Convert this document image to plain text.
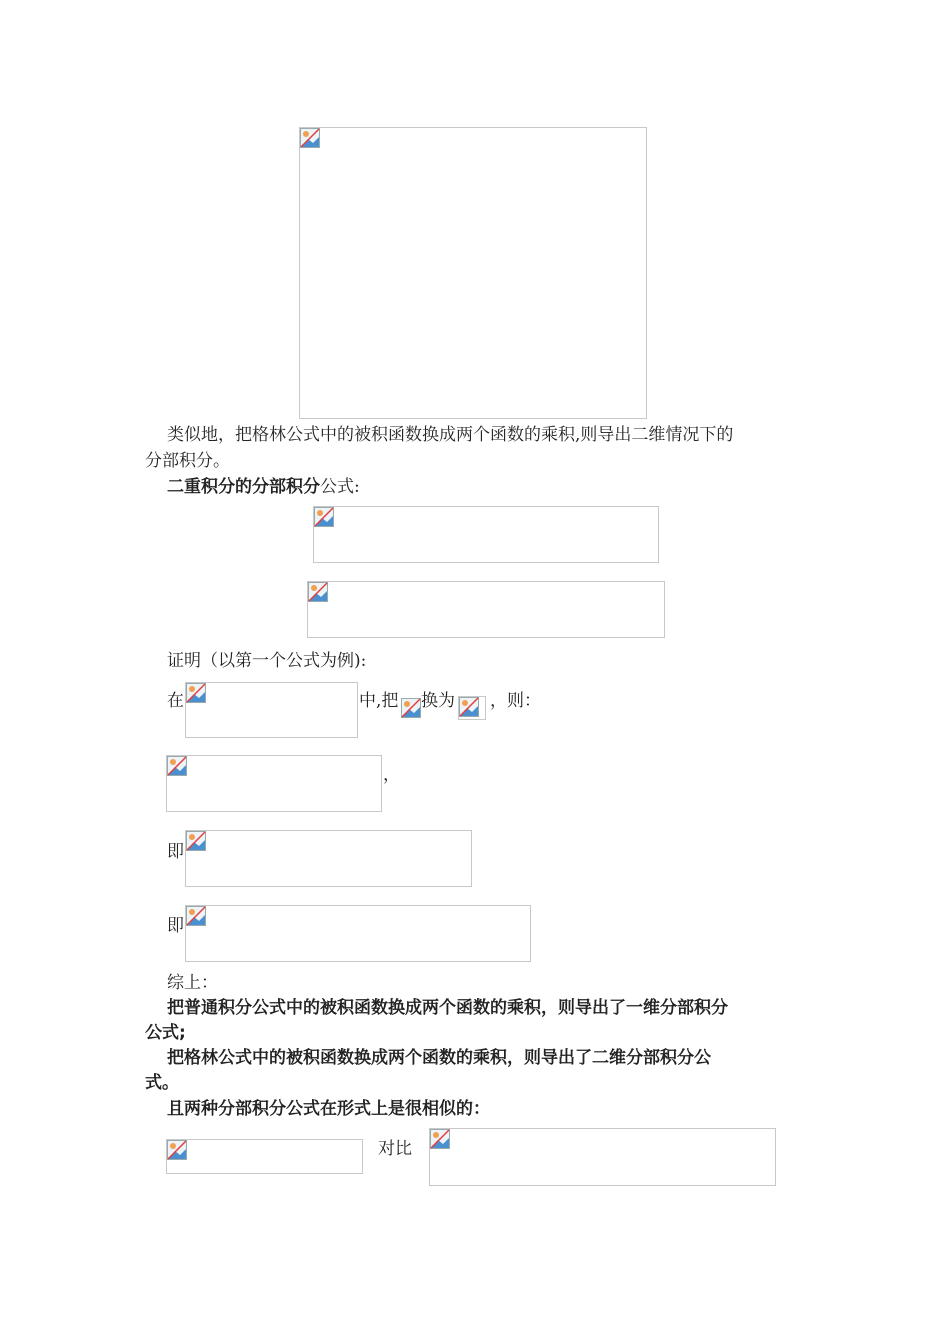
类似地，把格林公式中的被积函数换成两个函数的乘积,则导出二维情况下的
分部积分。
二重积分的分部积分公式:
证明（以第一个公式为例):
在	中,把 换为 ，则：
，
即
即
综上：
把普通积分公式中的被积函数换成两个函数的乘积，则导出了一维分部积分
公式;
把格林公式中的被积函数换成两个函数的乘积，则导出了二维分部积分公
式。
且两种分部积分公式在形式上是很相似的：
对比
